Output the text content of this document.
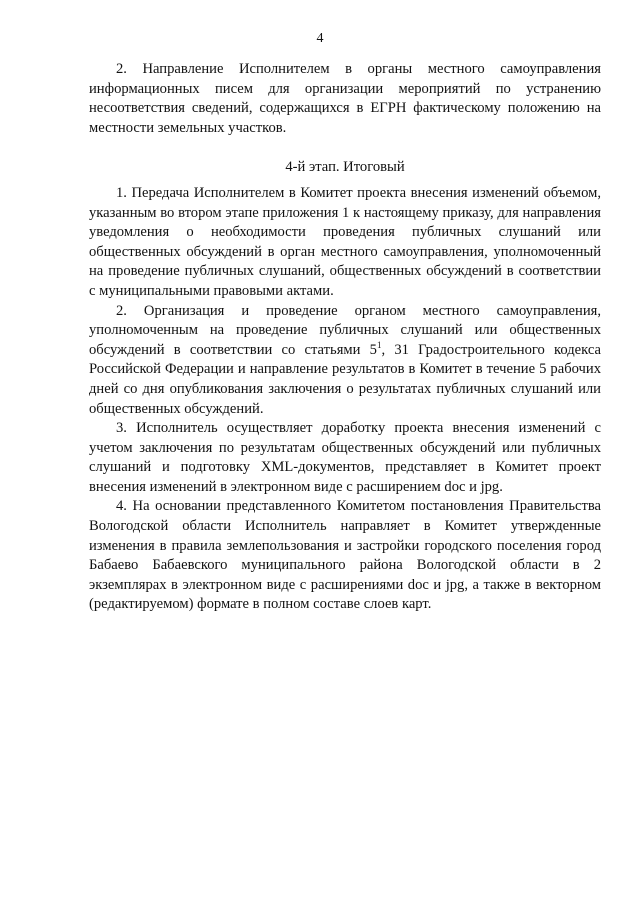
4

2. Направление Исполнителем в органы местного самоуправления информационных писем для организации мероприятий по устранению несоответствия сведений, содержащихся в ЕГРН фактическому положению на местности земельных участков.

4-й этап. Итоговый

1. Передача Исполнителем в Комитет проекта внесения изменений объемом, указанным во втором этапе приложения 1 к настоящему приказу, для направления уведомления о необходимости проведения публичных слушаний или общественных обсуждений в орган местного самоуправления, уполномоченный на проведение публичных слушаний, общественных обсуждений в соответствии с муниципальными правовыми актами.

2. Организация и проведение органом местного самоуправления, уполномоченным на проведение публичных слушаний или общественных обсуждений в соответствии со статьями $5^1$, 31 Градостроительного кодекса Российской Федерации и направление результатов в Комитет в течение 5 рабочих дней со дня опубликования заключения о результатах публичных слушаний или общественных обсуждений.

3. Исполнитель осуществляет доработку проекта внесения изменений с учетом заключения по результатам общественных обсуждений или публичных слушаний и подготовку XML-документов, представляет в Комитет проект внесения изменений в электронном виде с расширением doc и jpg.

4. На основании представленного Комитетом постановления Правительства Вологодской области Исполнитель направляет в Комитет утвержденные изменения в правила землепользования и застройки городского поселения город Бабаево Бабаевского муниципального района Вологодской области в 2 экземплярах в электронном виде с расширениями doc и jpg, а также в векторном (редактируемом) формате в полном составе слоев карт.
